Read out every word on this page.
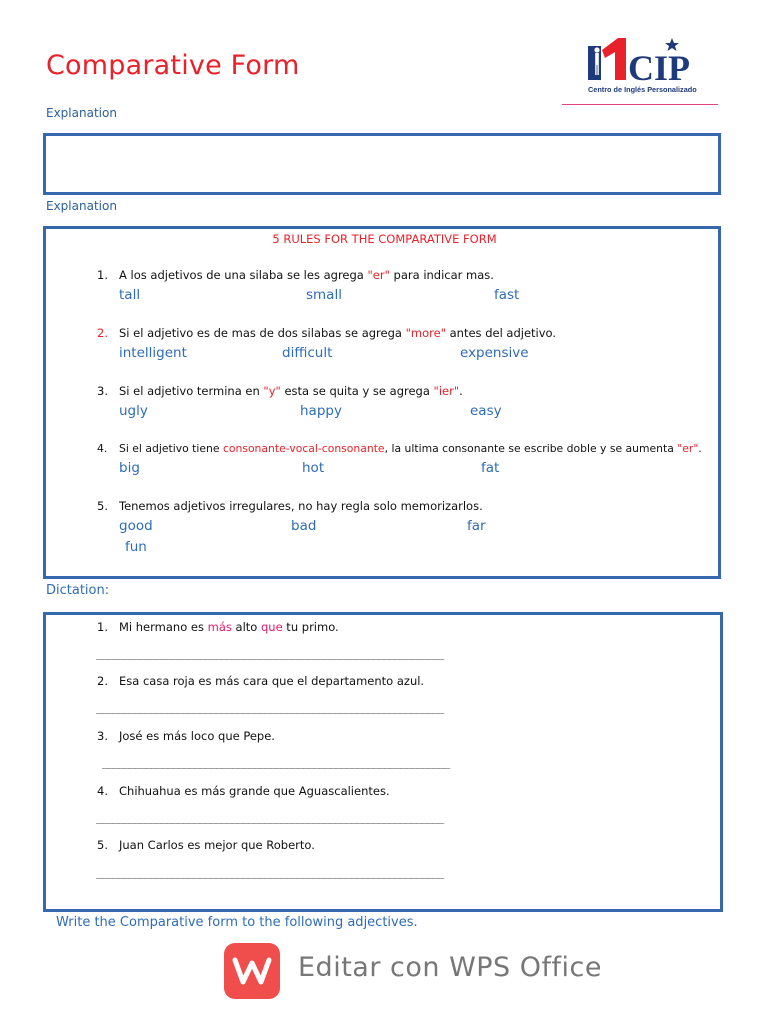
Comparative Form	CIP
Centro de Inglés Personalizado
Explanation
Explanation
5 RULES FOR THE COMPARATIVE FORM
1. A los adjetivos de una silaba se les agrega "er" para indicar mas.
tall	small	fast
2. Si el adjetivo es de mas de dos silabas se agrega "more" antes del adjetivo.
intelligent	difficult	expensive
3. Si el adjetivo termina en "y" esta se quita y se agrega "ier".
ugly	happy	easy
4. Si el adjetivo tiene consonante-vocal-consonante, la ultima consonante se escribe doble y se aumenta "er".
big	hot	fat
5. Tenemos adjetivos irregulares, no hay regla solo memorizarlos.
good	bad	far
fun
Dictation:
1. Mi hermano es más alto que tu primo.
________________________________________________________________
2. Esa casa roja es más cara que el departamento azul.
________________________________________________________________
3. José es más loco que Pepe.
________________________________________________________________
4. Chihuahua es más grande que Aguascalientes.
________________________________________________________________
5. Juan Carlos es mejor que Roberto.
________________________________________________________________
Write the Comparative form to the following adjectives.
Editar con WPS Office
